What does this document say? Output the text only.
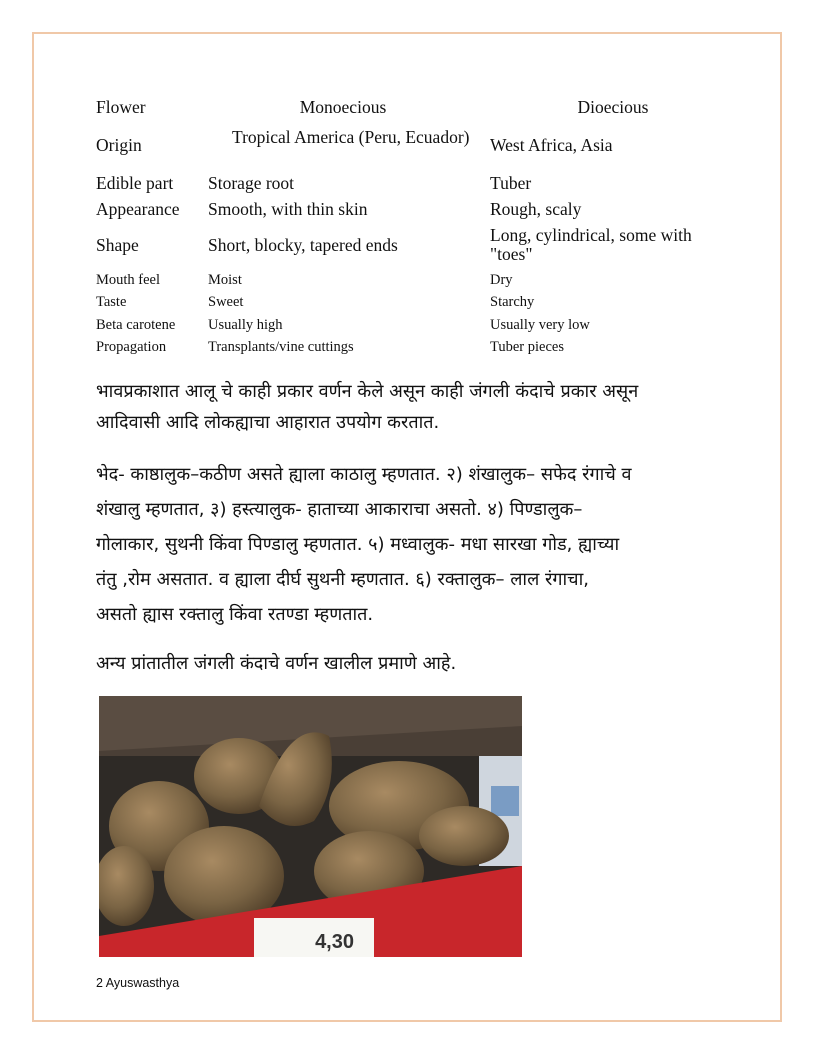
Flower	Monoecious	Dioecious
Origin	Tropical America (Peru, Ecuador)	West Africa, Asia
Edible part	Storage root	Tuber
Appearance	Smooth, with thin skin	Rough, scaly
Shape	Short, blocky, tapered ends	Long, cylindrical, some with "toes"
Mouth feel	Moist	Dry
Taste	Sweet	Starchy
Beta carotene	Usually high	Usually very low
Propagation	Transplants/vine cuttings	Tuber pieces
भावप्रकाशात आलू चे काही प्रकार वर्णन केले असून काही जंगली कंदाचे प्रकार असून
आदिवासी आदि लोकह्याचा आहारात उपयोग करतात.
भेद- काष्ठालुक–कठीण असते ह्याला काठालु म्हणतात. २) शंखालुक– सफेद रंगाचे व
शंखालु म्हणतात, ३) हस्त्यालुक- हाताच्या आकाराचा असतो. ४) पिण्डालुक–
गोलाकार, सुथनी किंवा पिण्डालु म्हणतात. ५) मध्वालुक- मधा सारखा गोड, ह्याच्या
तंतु ,रोम असतात. व ह्याला दीर्घ सुथनी म्हणतात. ६) रक्तालुक– लाल रंगाचा,
असतो ह्यास रक्तालु किंवा रतण्डा म्हणतात.
अन्य प्रांतातील जंगली कंदाचे वर्णन खालील प्रमाणे आहे.
4,30
2 Ayuswasthya
